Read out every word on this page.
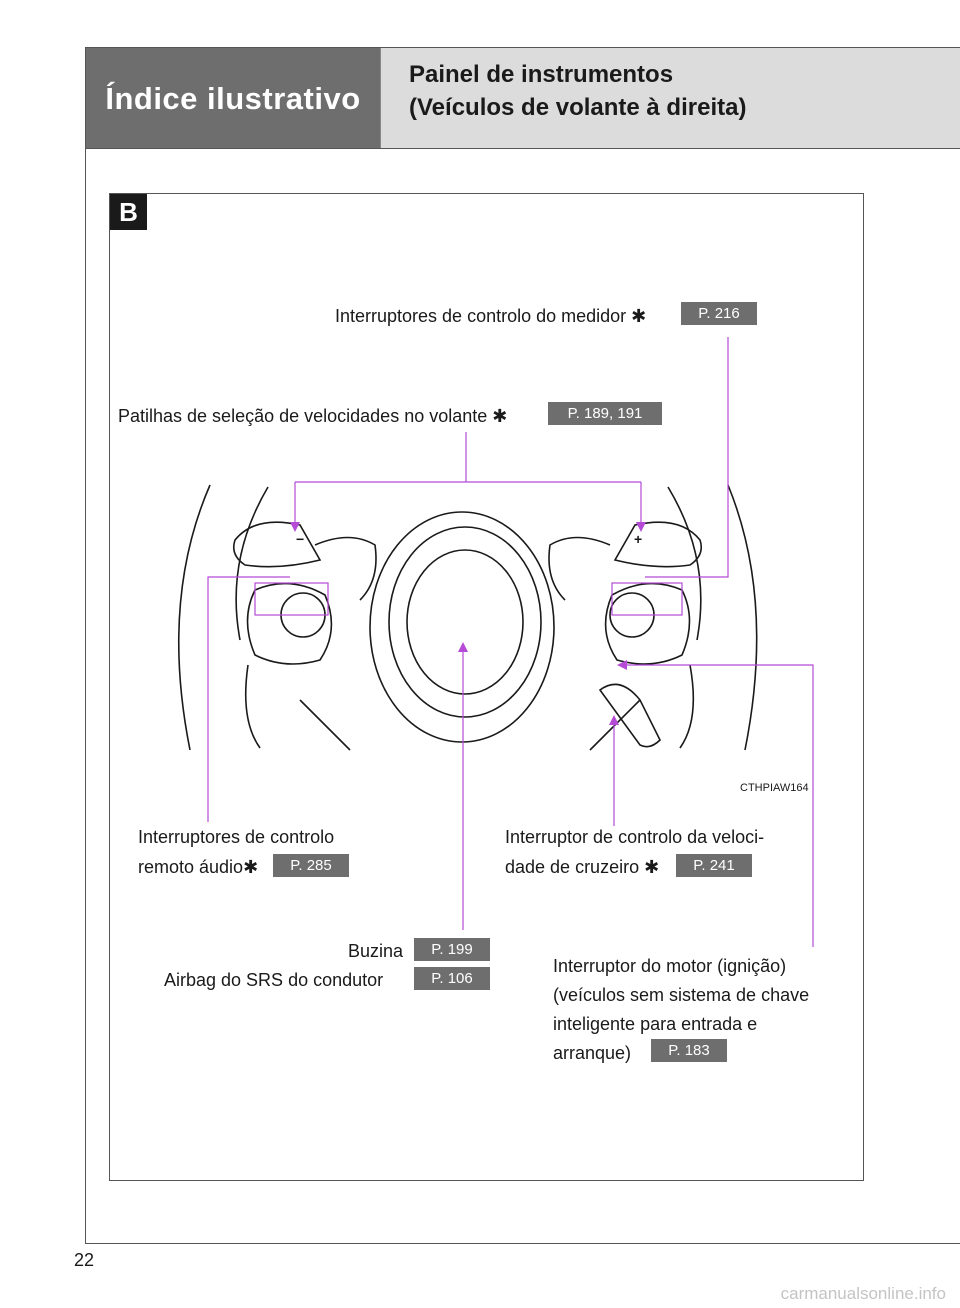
Índice ilustrativo
Painel de instrumentos
(Veículos de volante à direita)
B
−	+
Interruptores de controlo do medidor ✱	P. 216
Patilhas de seleção de velocidades no volante ✱	P. 189, 191
CTHPIAW164
Interruptores de controlo
remoto áudio✱	P. 285
Interruptor de controlo da veloci-
dade de cruzeiro ✱	P. 241
Buzina	P. 199
Airbag do SRS do condutor	P. 106
Interruptor do motor (ignição)
(veículos sem sistema de chave
inteligente para entrada e
arranque)	P. 183
22
carmanualsonline.info
